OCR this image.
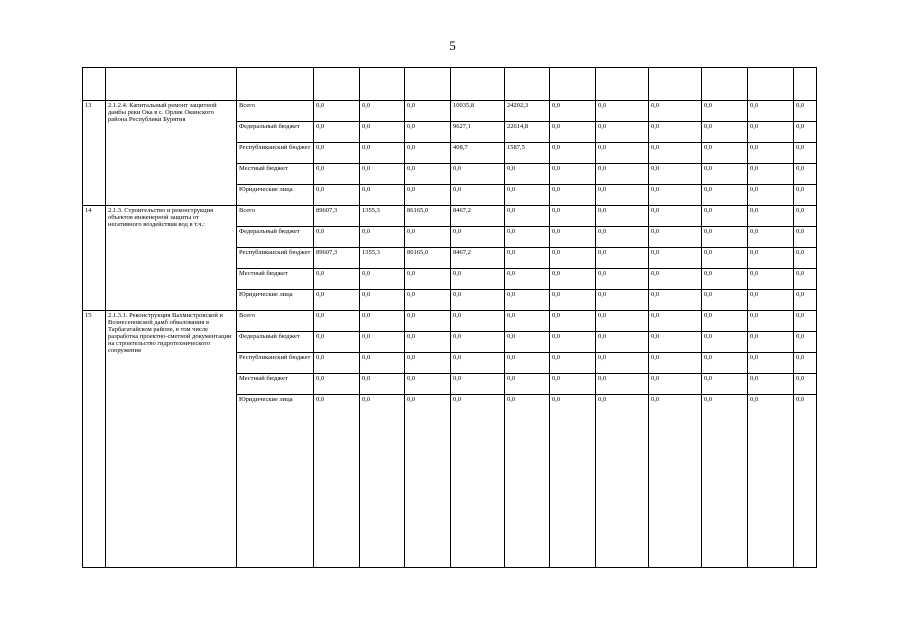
5

13	2.1.2.4. Капитальный ремонт защитной дамбы реки Ока в с. Орлик Окинского района Республики Бурятия	Всего	0,0	0,0	0,0	10035,8	24202,3	0,0	0,0	0,0	0,0	0,0	0,0
		Федеральный бюджет	0,0	0,0	0,0	9627,1	22614,8	0,0	0,0	0,0	0,0	0,0	0,0
		Республиканский бюджет	0,0	0,0	0,0	408,7	1587,5	0,0	0,0	0,0	0,0	0,0	0,0
		Местный бюджет	0,0	0,0	0,0	0,0	0,0	0,0	0,0	0,0	0,0	0,0	0,0
		Юридические лица	0,0	0,0	0,0	0,0	0,0	0,0	0,0	0,0	0,0	0,0	0,0
14	2.1.3. Строительство и реконструкция объектов инженерной защиты от негативного воздействия вод в т.ч.:	Всего	89607,3	1355,3	86165,0	8467,2	0,0	0,0	0,0	0,0	0,0	0,0	0,0
		Федеральный бюджет	0,0	0,0	0,0	0,0	0,0	0,0	0,0	0,0	0,0	0,0	0,0
		Республиканский бюджет	89607,3	1355,3	86165,0	8467,2	0,0	0,0	0,0	0,0	0,0	0,0	0,0
		Местный бюджет	0,0	0,0	0,0	0,0	0,0	0,0	0,0	0,0	0,0	0,0	0,0
		Юридические лица	0,0	0,0	0,0	0,0	0,0	0,0	0,0	0,0	0,0	0,0	0,0
15	2.1.3.1. Реконструкция Вахмистровской и Вознесеновской дамб обвалования в Тарбагатайском районе, в том числе разработка проектно-сметной документации на строительство гидротехнического сооружения	Всего	0,0	0,0	0,0	0,0	0,0	0,0	0,0	0,0	0,0	0,0	0,0
		Федеральный бюджет	0,0	0,0	0,0	0,0	0,0	0,0	0,0	0,0	0,0	0,0	0,0
		Республиканский бюджет	0,0	0,0	0,0	0,0	0,0	0,0	0,0	0,0	0,0	0,0	0,0
		Местный бюджет	0,0	0,0	0,0	0,0	0,0	0,0	0,0	0,0	0,0	0,0	0,0
		Юридические лица	0,0	0,0	0,0	0,0	0,0	0,0	0,0	0,0	0,0	0,0	0,0
